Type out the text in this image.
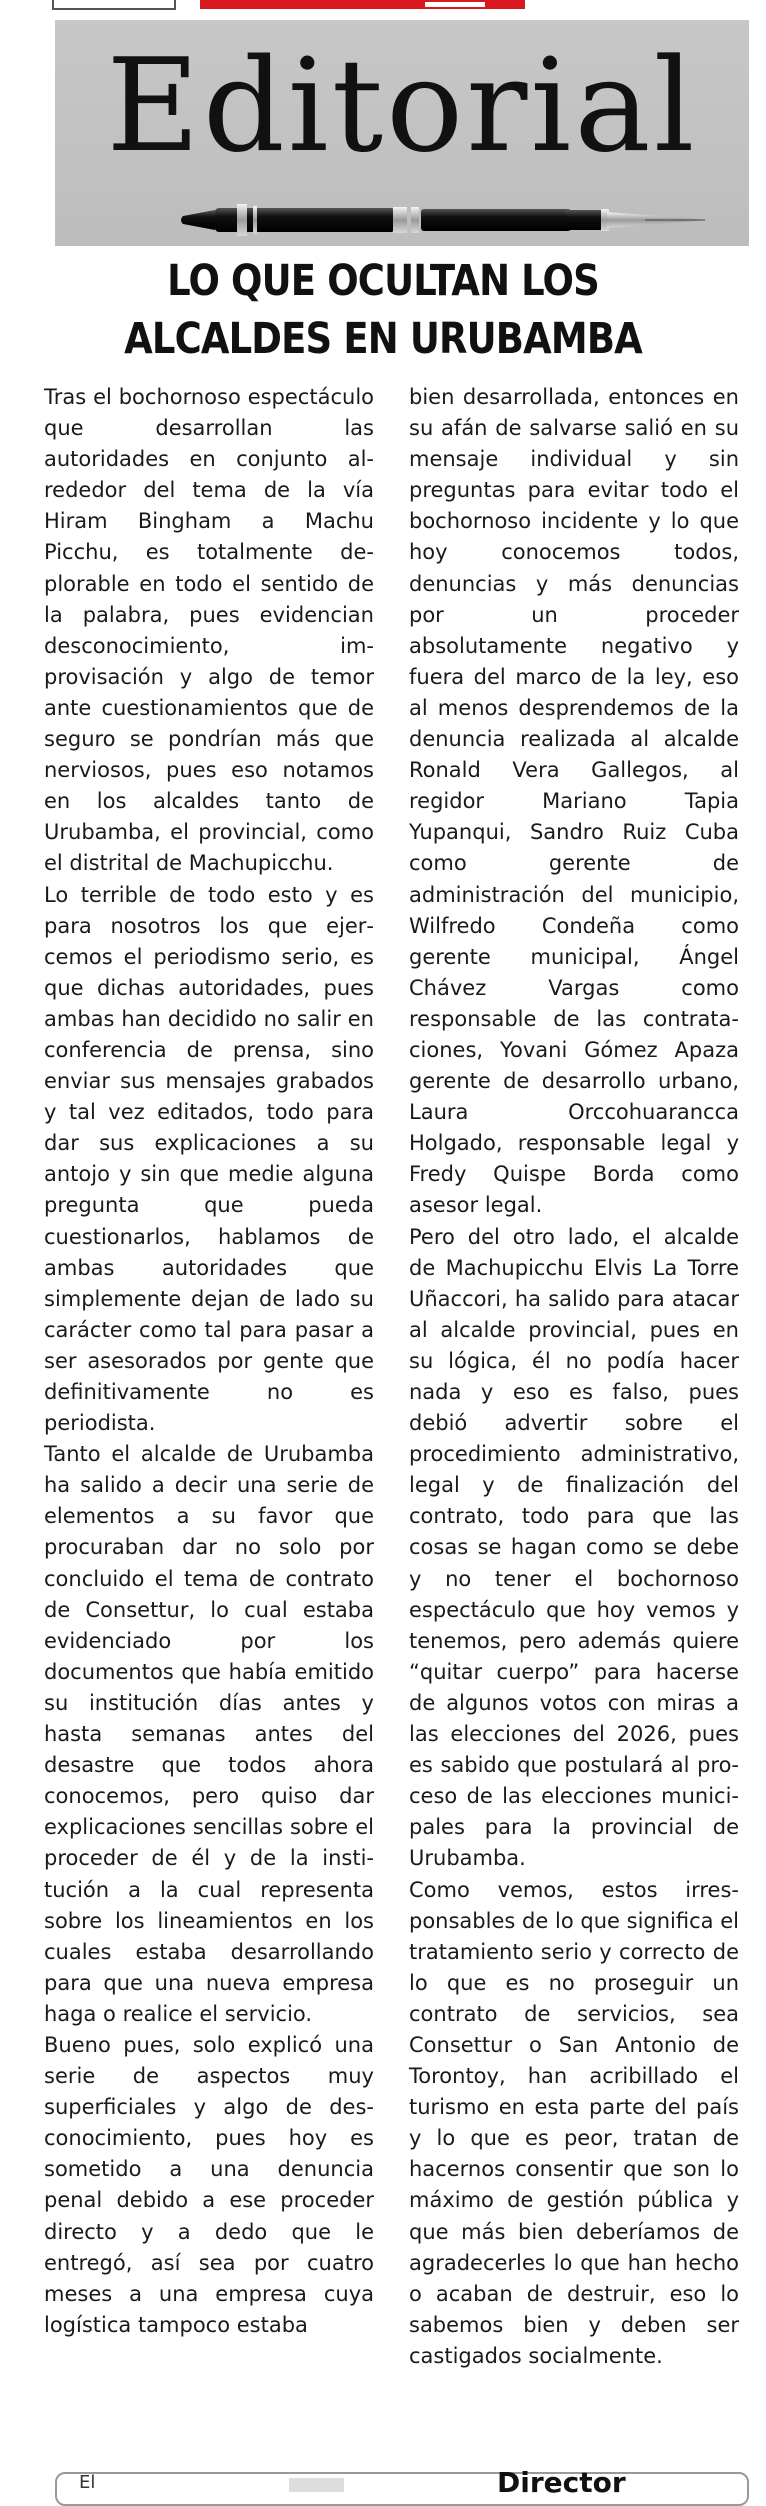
Editorial
LO QUE OCULTAN LOS ALCALDES EN URUBAMBA

Tras el bochornoso espectáculo que desarrollan las autoridades en conjunto alrededor del tema de la vía Hiram Bingham a Machu Picchu, es totalmente deplorable en todo el sentido de la palabra, pues evidencian desconocimiento, improvisación y algo de temor ante cuestionamientos que de seguro se pondrían más que nerviosos, pues eso notamos en los alcaldes tanto de Urubamba, el provincial, como el distrital de Machupicchu.

Lo terrible de todo esto y es para nosotros los que ejercemos el periodismo serio, es que dichas autoridades, pues ambas han decidido no salir en conferencia de prensa, sino enviar sus mensajes grabados y tal vez editados, todo para dar sus explicaciones a su antojo y sin que medie alguna pregunta que pueda cuestionarlos, hablamos de ambas autoridades que simplemente dejan de lado su carácter como tal para pasar a ser asesorados por gente que definitivamente no es periodista.

Tanto el alcalde de Urubamba ha salido a decir una serie de elementos a su favor que procuraban dar no solo por concluido el tema de contrato de Consettur, lo cual estaba evidenciado por los documentos que había emitido su institución días antes y hasta semanas antes del desastre que todos ahora conocemos, pero quiso dar explicaciones sencillas sobre el proceder de él y de la institución a la cual representa sobre los lineamientos en los cuales estaba desarrollando para que una nueva empresa haga o realice el servicio.

Bueno pues, solo explicó una serie de aspectos muy superficiales y algo de desconocimiento, pues hoy es sometido a una denuncia penal debido a ese proceder directo y a dedo que le entregó, así sea por cuatro meses a una empresa cuya logística tampoco estaba

bien desarrollada, entonces en su afán de salvarse salió en su mensaje individual y sin preguntas para evitar todo el bochornoso incidente y lo que hoy conocemos todos, denuncias y más denuncias por un proceder absolutamente negativo y fuera del marco de la ley, eso al menos desprendemos de la denuncia realizada al alcalde Ronald Vera Gallegos, al regidor Mariano Tapia Yupanqui, Sandro Ruiz Cuba como gerente de administración del municipio, Wilfredo Condeña como gerente municipal, Ángel Chávez Vargas como responsable de las contrataciones, Yovani Gómez Apaza gerente de desarrollo urbano, Laura Orccohuarancca Holgado, responsable legal y Fredy Quispe Borda como asesor legal.

Pero del otro lado, el alcalde de Machupicchu Elvis La Torre Uñaccori, ha salido para atacar al alcalde provincial, pues en su lógica, él no podía hacer nada y eso es falso, pues debió advertir sobre el procedimiento administrativo, legal y de finalización del contrato, todo para que las cosas se hagan como se debe y no tener el bochornoso espectáculo que hoy vemos y tenemos, pero además quiere “quitar cuerpo” para hacerse de algunos votos con miras a las elecciones del 2026, pues es sabido que postulará al proceso de las elecciones municipales para la provincial de Urubamba.

Como vemos, estos irresponsables de lo que significa el tratamiento serio y correcto de lo que es no proseguir un contrato de servicios, sea Consettur o San Antonio de Torontoy, han acribillado el turismo en esta parte del país y lo que es peor, tratan de hacernos consentir que son lo máximo de gestión pública y que más bien deberíamos de agradecerles lo que han hecho o acaban de destruir, eso lo sabemos bien y deben ser castigados socialmente.

El	Director
